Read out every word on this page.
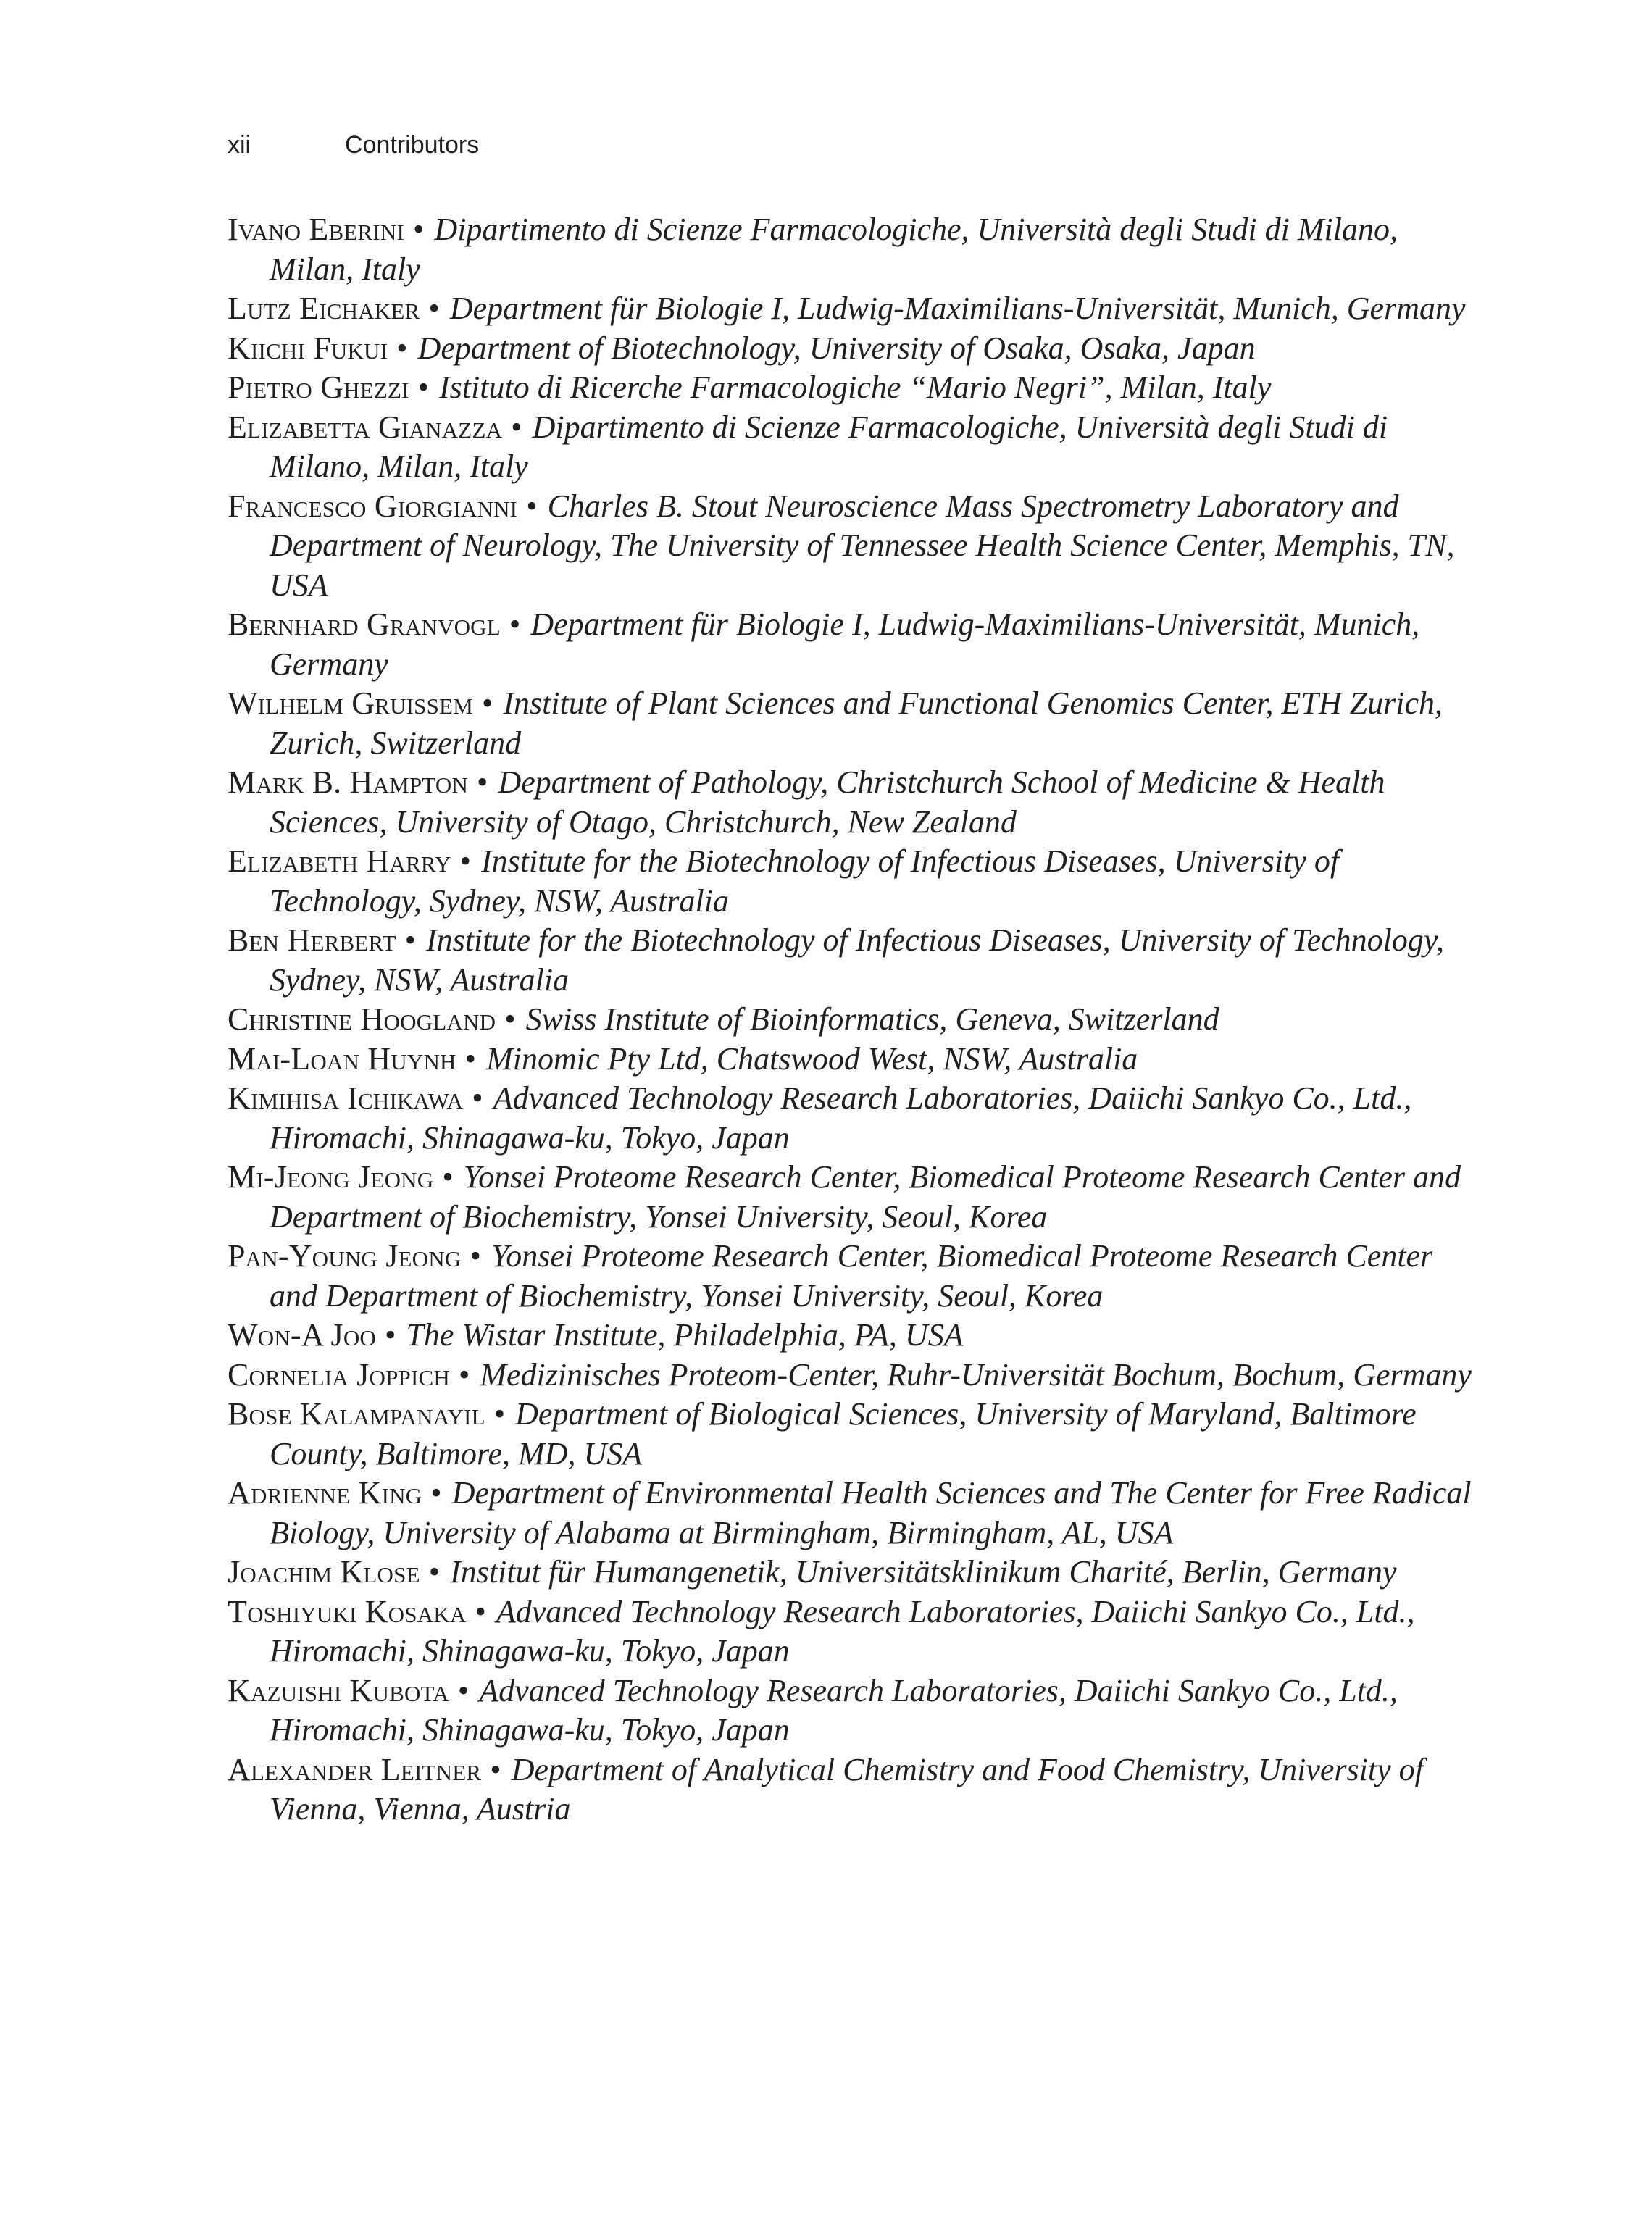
xii	Contributors
Ivano Eberini • Dipartimento di Scienze Farmacologiche, Università degli Studi di Milano, Milan, Italy
Lutz Eichaker • Department für Biologie I, Ludwig-Maximilians-Universität, Munich, Germany
Kiichi Fukui • Department of Biotechnology, University of Osaka, Osaka, Japan
Pietro Ghezzi • Istituto di Ricerche Farmacologiche “Mario Negri”, Milan, Italy
Elizabetta Gianazza • Dipartimento di Scienze Farmacologiche, Università degli Studi di Milano, Milan, Italy
Francesco Giorgianni • Charles B. Stout Neuroscience Mass Spectrometry Laboratory and Department of Neurology, The University of Tennessee Health Science Center, Memphis, TN, USA
Bernhard Granvogl • Department für Biologie I, Ludwig-Maximilians-Universität, Munich, Germany
Wilhelm Gruissem • Institute of Plant Sciences and Functional Genomics Center, ETH Zurich, Zurich, Switzerland
Mark B. Hampton • Department of Pathology, Christchurch School of Medicine & Health Sciences, University of Otago, Christchurch, New Zealand
Elizabeth Harry • Institute for the Biotechnology of Infectious Diseases, University of Technology, Sydney, NSW, Australia
Ben Herbert • Institute for the Biotechnology of Infectious Diseases, University of Technology, Sydney, NSW, Australia
Christine Hoogland • Swiss Institute of Bioinformatics, Geneva, Switzerland
Mai-Loan Huynh • Minomic Pty Ltd, Chatswood West, NSW, Australia
Kimihisa Ichikawa • Advanced Technology Research Laboratories, Daiichi Sankyo Co., Ltd., Hiromachi, Shinagawa-ku, Tokyo, Japan
Mi-Jeong Jeong • Yonsei Proteome Research Center, Biomedical Proteome Research Center and Department of Biochemistry, Yonsei University, Seoul, Korea
Pan-Young Jeong • Yonsei Proteome Research Center, Biomedical Proteome Research Center and Department of Biochemistry, Yonsei University, Seoul, Korea
Won-A Joo • The Wistar Institute, Philadelphia, PA, USA
Cornelia Joppich • Medizinisches Proteom-Center, Ruhr-Universität Bochum, Bochum, Germany
Bose Kalampanayil • Department of Biological Sciences, University of Maryland, Baltimore County, Baltimore, MD, USA
Adrienne King • Department of Environmental Health Sciences and The Center for Free Radical Biology, University of Alabama at Birmingham, Birmingham, AL, USA
Joachim Klose • Institut für Humangenetik, Universitätsklinikum Charité, Berlin, Germany
Toshiyuki Kosaka • Advanced Technology Research Laboratories, Daiichi Sankyo Co., Ltd., Hiromachi, Shinagawa-ku, Tokyo, Japan
Kazuishi Kubota • Advanced Technology Research Laboratories, Daiichi Sankyo Co., Ltd., Hiromachi, Shinagawa-ku, Tokyo, Japan
Alexander Leitner • Department of Analytical Chemistry and Food Chemistry, University of Vienna, Vienna, Austria
